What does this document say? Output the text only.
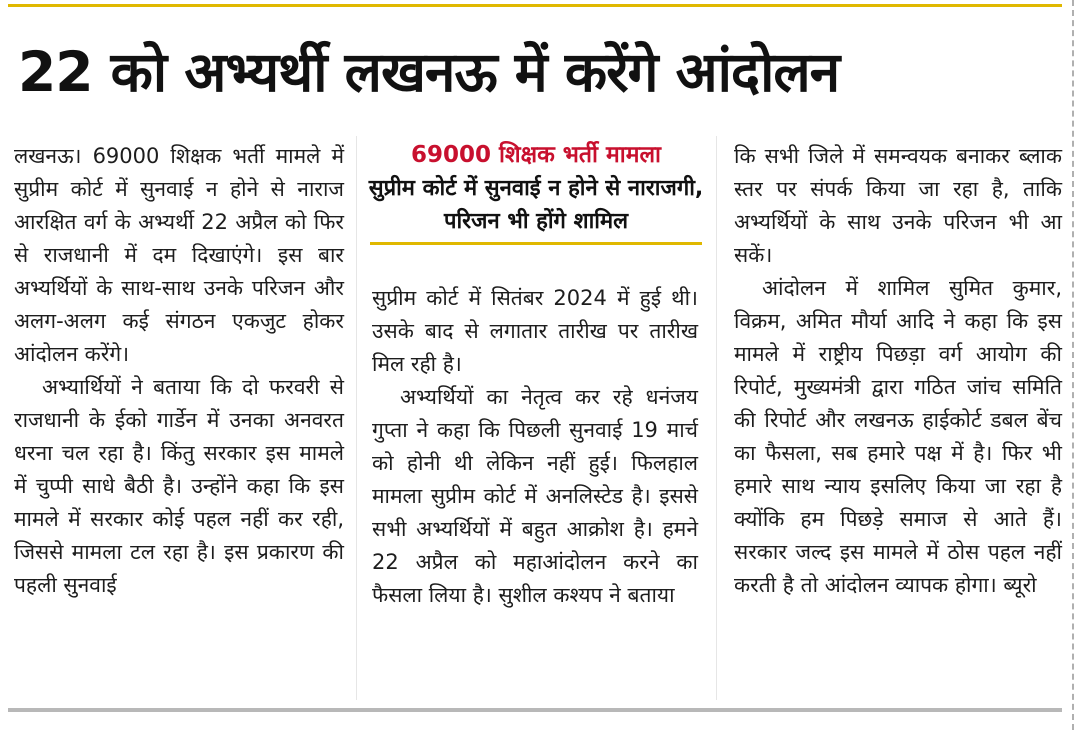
22 को अभ्यर्थी लखनऊ में करेंगे आंदोलन

लखनऊ। 69000 शिक्षक भर्ती मामले में सुप्रीम कोर्ट में सुनवाई न होने से नाराज आरक्षित वर्ग के अभ्यर्थी 22 अप्रैल को फिर से राजधानी में दम दिखाएंगे। इस बार अभ्यर्थियों के साथ-साथ उनके परिजन और अलग-अलग कई संगठन एकजुट होकर आंदोलन करेंगे।

अभ्यार्थियों ने बताया कि दो फरवरी से राजधानी के ईको गार्डेन में उनका अनवरत धरना चल रहा है। किंतु सरकार इस मामले में चुप्पी साधे बैठी है। उन्होंने कहा कि इस मामले में सरकार कोई पहल नहीं कर रही, जिससे मामला टल रहा है। इस प्रकारण की पहली सुनवाई

69000 शिक्षक भर्ती मामला
सुप्रीम कोर्ट में सुनवाई न होने से नाराजगी, परिजन भी होंगे शामिल

सुप्रीम कोर्ट में सितंबर 2024 में हुई थी। उसके बाद से लगातार तारीख पर तारीख मिल रही है।

अभ्यर्थियों का नेतृत्व कर रहे धनंजय गुप्ता ने कहा कि पिछली सुनवाई 19 मार्च को होनी थी लेकिन नहीं हुई। फिलहाल मामला सुप्रीम कोर्ट में अनलिस्टेड है। इससे सभी अभ्यर्थियों में बहुत आक्रोश है। हमने 22 अप्रैल को महाआंदोलन करने का फैसला लिया है। सुशील कश्यप ने बताया

कि सभी जिले में समन्वयक बनाकर ब्लाक स्तर पर संपर्क किया जा रहा है, ताकि अभ्यर्थियों के साथ उनके परिजन भी आ सकें।

आंदोलन में शामिल सुमित कुमार, विक्रम, अमित मौर्या आदि ने कहा कि इस मामले में राष्ट्रीय पिछड़ा वर्ग आयोग की रिपोर्ट, मुख्यमंत्री द्वारा गठित जांच समिति की रिपोर्ट और लखनऊ हाईकोर्ट डबल बेंच का फैसला, सब हमारे पक्ष में है। फिर भी हमारे साथ न्याय इसलिए किया जा रहा है क्योंकि हम पिछड़े समाज से आते हैं। सरकार जल्द इस मामले में ठोस पहल नहीं करती है तो आंदोलन व्यापक होगा। ब्यूरो
